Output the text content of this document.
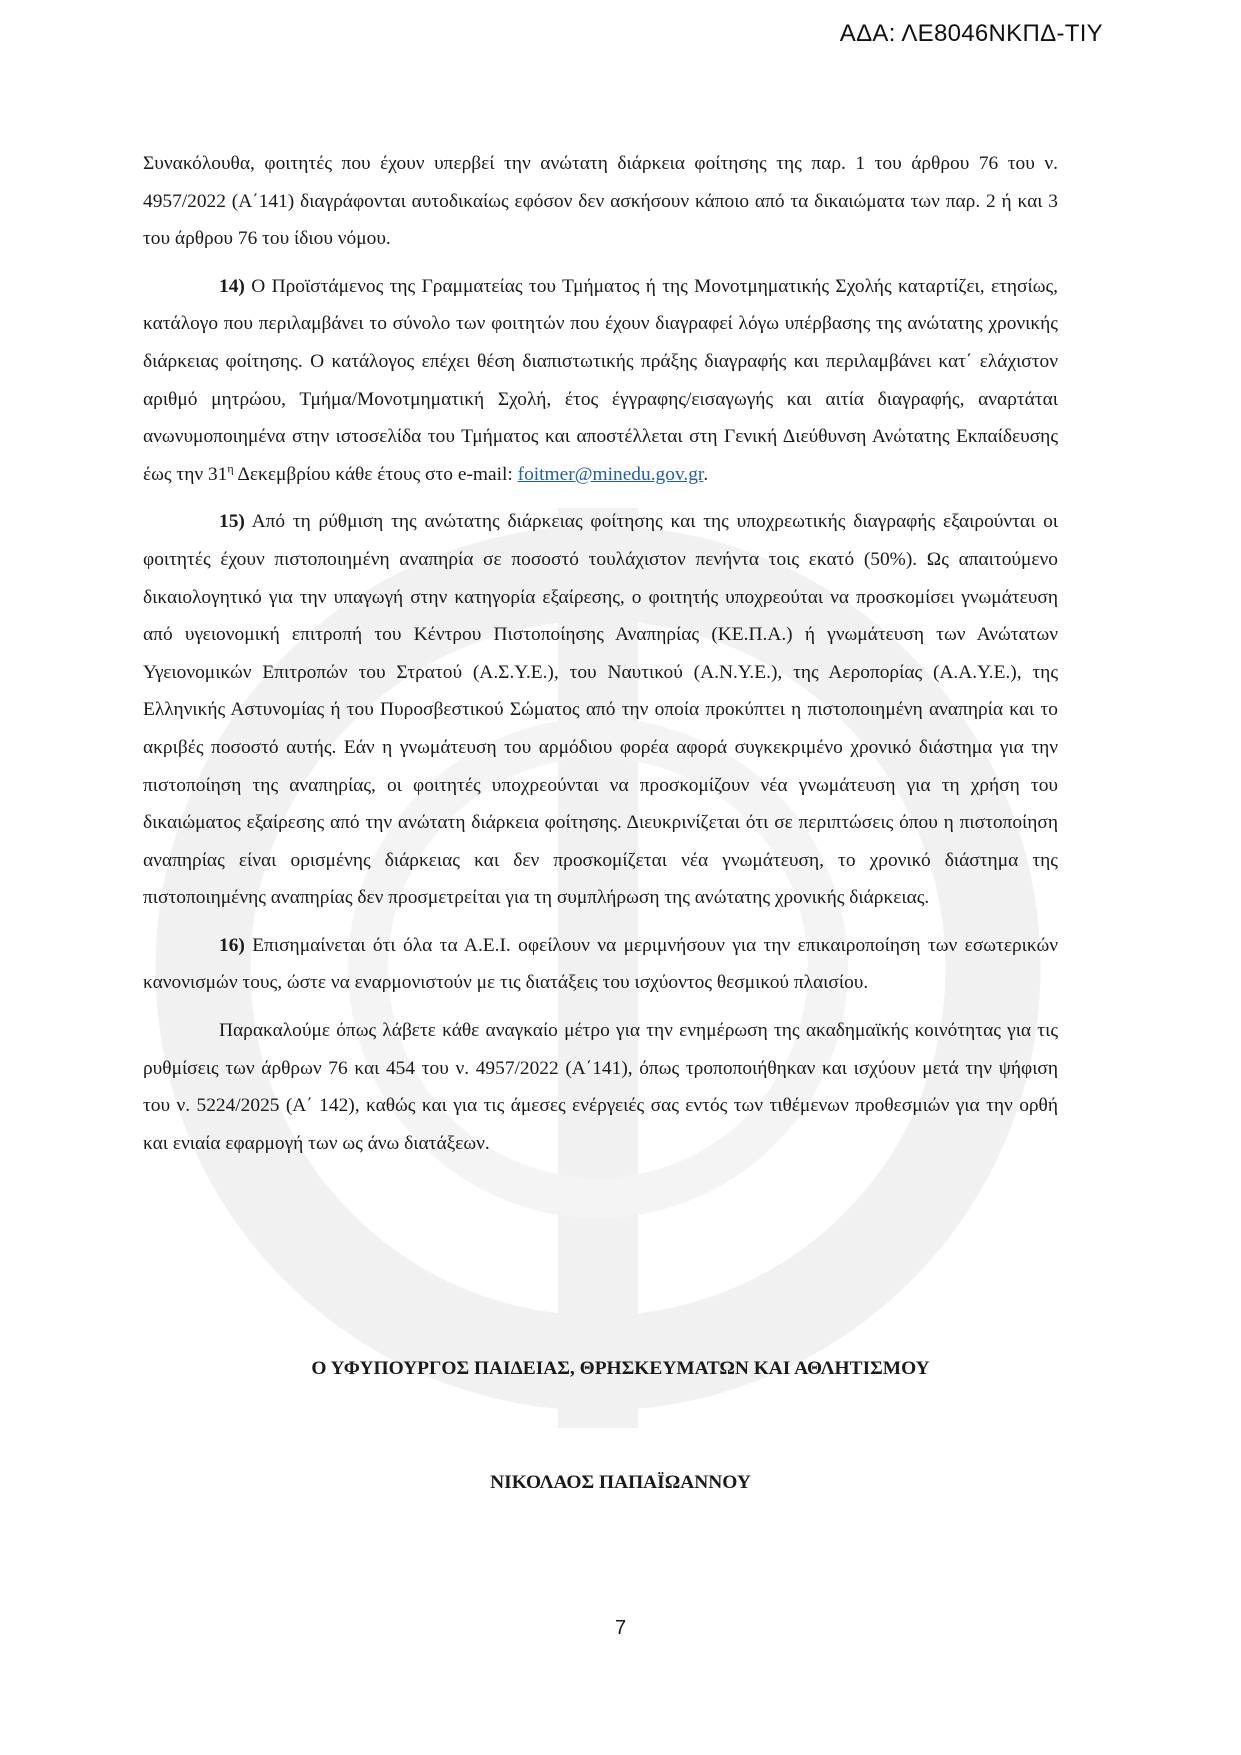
ΑΔΑ: ΛΕ8046ΝΚΠΔ-ΤΙΥ

Συνακόλουθα, φοιτητές που έχουν υπερβεί την ανώτατη διάρκεια φοίτησης της παρ. 1 του άρθρου 76 του ν. 4957/2022 (Α΄141) διαγράφονται αυτοδικαίως εφόσον δεν ασκήσουν κάποιο από τα δικαιώματα των παρ. 2 ή και 3 του άρθρου 76 του ίδιου νόμου.

14) Ο Προϊστάμενος της Γραμματείας του Τμήματος ή της Μονοτμηματικής Σχολής καταρτίζει, ετησίως, κατάλογο που περιλαμβάνει το σύνολο των φοιτητών που έχουν διαγραφεί λόγω υπέρβασης της ανώτατης χρονικής διάρκειας φοίτησης. Ο κατάλογος επέχει θέση διαπιστωτικής πράξης διαγραφής και περιλαμβάνει κατ΄ ελάχιστον αριθμό μητρώου, Τμήμα/Μονοτμηματική Σχολή, έτος έγγραφης/εισαγωγής και αιτία διαγραφής, αναρτάται ανωνυμοποιημένα στην ιστοσελίδα του Τμήματος και αποστέλλεται στη Γενική Διεύθυνση Ανώτατης Εκπαίδευσης έως την $31^\eta$ Δεκεμβρίου κάθε έτους στο e-mail: foitmer@minedu.gov.gr.

15) Από τη ρύθμιση της ανώτατης διάρκειας φοίτησης και της υποχρεωτικής διαγραφής εξαιρούνται οι φοιτητές έχουν πιστοποιημένη αναπηρία σε ποσοστό τουλάχιστον πενήντα τοις εκατό (50%). Ως απαιτούμενο δικαιολογητικό για την υπαγωγή στην κατηγορία εξαίρεσης, ο φοιτητής υποχρεούται να προσκομίσει γνωμάτευση από υγειονομική επιτροπή του Κέντρου Πιστοποίησης Αναπηρίας (ΚΕ.Π.Α.) ή γνωμάτευση των Ανώτατων Υγειονομικών Επιτροπών του Στρατού (Α.Σ.Υ.Ε.), του Ναυτικού (Α.Ν.Υ.Ε.), της Αεροπορίας (Α.Α.Υ.Ε.), της Ελληνικής Αστυνομίας ή του Πυροσβεστικού Σώματος από την οποία προκύπτει η πιστοποιημένη αναπηρία και το ακριβές ποσοστό αυτής. Εάν η γνωμάτευση του αρμόδιου φορέα αφορά συγκεκριμένο χρονικό διάστημα για την πιστοποίηση της αναπηρίας, οι φοιτητές υποχρεούνται να προσκομίζουν νέα γνωμάτευση για τη χρήση του δικαιώματος εξαίρεσης από την ανώτατη διάρκεια φοίτησης. Διευκρινίζεται ότι σε περιπτώσεις όπου η πιστοποίηση αναπηρίας είναι ορισμένης διάρκειας και δεν προσκομίζεται νέα γνωμάτευση, το χρονικό διάστημα της πιστοποιημένης αναπηρίας δεν προσμετρείται για τη συμπλήρωση της ανώτατης χρονικής διάρκειας.

16) Επισημαίνεται ότι όλα τα Α.Ε.Ι. οφείλουν να μεριμνήσουν για την επικαιροποίηση των εσωτερικών κανονισμών τους, ώστε να εναρμονιστούν με τις διατάξεις του ισχύοντος θεσμικού πλαισίου.

Παρακαλούμε όπως λάβετε κάθε αναγκαίο μέτρο για την ενημέρωση της ακαδημαϊκής κοινότητας για τις ρυθμίσεις των άρθρων 76 και 454 του ν. 4957/2022 (Α΄141), όπως τροποποιήθηκαν και ισχύουν μετά την ψήφιση του ν. 5224/2025 (Α΄ 142), καθώς και για τις άμεσες ενέργειές σας εντός των τιθέμενων προθεσμιών για την ορθή και ενιαία εφαρμογή των ως άνω διατάξεων.

Ο ΥΦΥΠΟΥΡΓΟΣ ΠΑΙΔΕΙΑΣ, ΘΡΗΣΚΕΥΜΑΤΩΝ ΚΑΙ ΑΘΛΗΤΙΣΜΟΥ
ΝΙΚΟΛΑΟΣ ΠΑΠΑΪΩΑΝΝΟΥ
7
